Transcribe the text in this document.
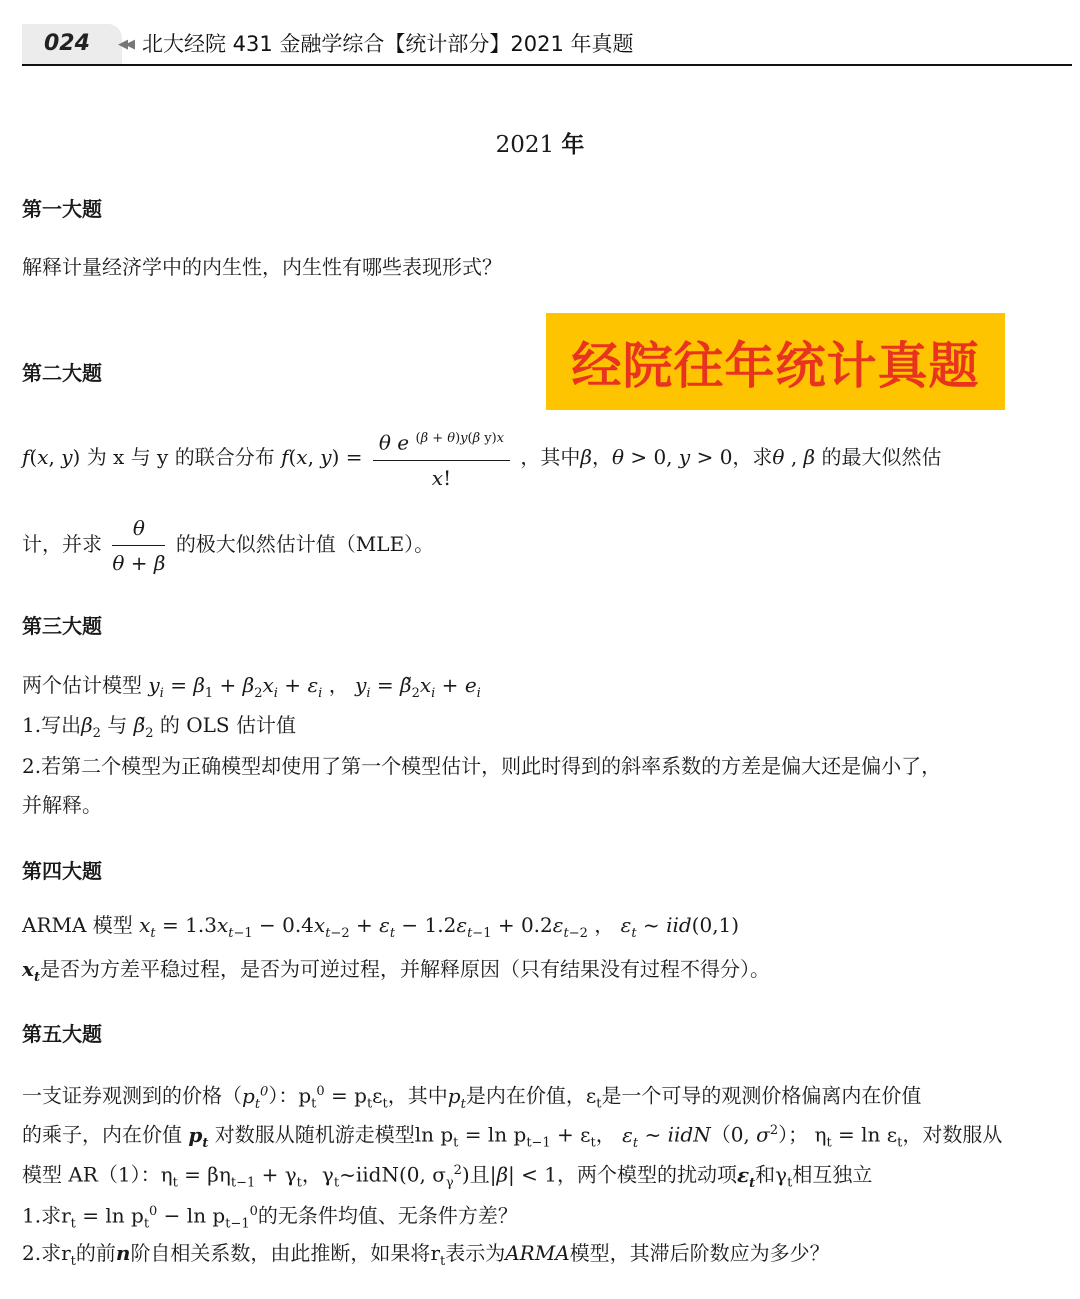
024	◀◀ 北大经院 431 金融学综合【统计部分】2021 年真题
2021 年
第一大题
解释计量经济学中的内生性，内生性有哪些表现形式？
经院往年统计真题
第二大题
f(x, y) 为 x 与 y 的联合分布 f(x, $y) = \frac{\theta e ^{(\beta + \theta)y(\beta y)x}}{x!}$ ，其中β，θ > 0, y > 0，求θ , β 的最大似然估
计，并求 $\frac{\theta}{\theta + \beta}$ 的极大似然估计值（MLE）。
第三大题
两个估计模型 $y_i = \beta_1 + \beta_2x_i + \varepsilon_i$ ， $y_i$ = $\betã_2x_i + e_i$
1.写出$\beta_2$ 与 $\betã_2$ 的 OLS 估计值
2.若第二个模型为正确模型却使用了第一个模型估计，则此时得到的斜率系数的方差是偏大还是偏小了，
并解释。
第四大题
ARMA 模型 $x_t = 1.3x_{t-1} - 0.4x_{t-2} + \varepsilon_t - 1.2\varepsilon_{t-1} + 0.2\varepsilon_{t-2}$ ， $\varepsilon_t$ ~ iid(0,1)
$x_t$是否为方差平稳过程，是否为可逆过程，并解释原因（只有结果没有过程不得分）。
第五大题
一支证券观测到的价格$(p_t^0)$：$p_t^0 = p_t\varepsilon_t$，其中$p_t$是内在价值，$\varepsilon_t$是一个可导的观测价格偏离内在价值
的乘子，内在价值 $p_t$ 对数服从随机游走模型$\ln p_t = \ln p_{t-1} + \varepsilon_t$， $\varepsilon_t$ ~ iidN（0, $\sigma^2$）； $\eta_t = \ln \varepsilon_t$，对数服从
模型 AR（1）：$\eta_t = \beta\eta_{t-1} + \gamma_t$，$\gamma_t\sim iidN(0$, $\sigma_\gamma^2$)且|β| < 1，两个模型的扰动项$\varepsilon_t$和$\gamma_t$相互独立
1.求$r_t = \ln p_t^0 - \ln p_{t-1}^0$的无条件均值、无条件方差？
2.求$r_t$的前n阶自相关系数，由此推断，如果将$r_t$表示为ARMA模型，其滞后阶数应为多少？
